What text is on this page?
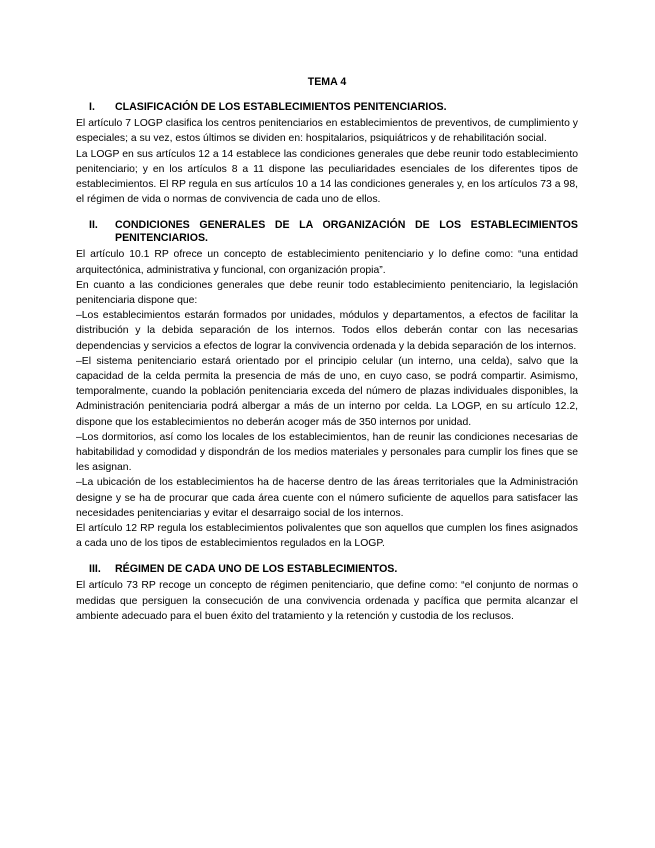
TEMA 4
I.	CLASIFICACIÓN DE LOS ESTABLECIMIENTOS PENITENCIARIOS.

El artículo 7 LOGP clasifica los centros penitenciarios en establecimientos de preventivos, de cumplimiento y especiales; a su vez, estos últimos se dividen en: hospitalarios, psiquiátricos y de rehabilitación social.

La LOGP en sus artículos 12 a 14 establece las condiciones generales que debe reunir todo establecimiento penitenciario; y en los artículos 8 a 11 dispone las peculiaridades esenciales de los diferentes tipos de establecimientos. El RP regula en sus artículos 10 a 14 las condiciones generales y, en los artículos 73 a 98, el régimen de vida o normas de convivencia de cada uno de ellos.

II.	CONDICIONES GENERALES DE LA ORGANIZACIÓN DE LOS ESTABLECIMIENTOS PENITENCIARIOS.

El artículo 10.1 RP ofrece un concepto de establecimiento penitenciario y lo define como: “una entidad arquitectónica, administrativa y funcional, con organización propia”.

En cuanto a las condiciones generales que debe reunir todo establecimiento penitenciario, la legislación penitenciaria dispone que:

–Los establecimientos estarán formados por unidades, módulos y departamentos, a efectos de facilitar la distribución y la debida separación de los internos. Todos ellos deberán contar con las necesarias dependencias y servicios a efectos de lograr la convivencia ordenada y la debida separación de los internos.

–El sistema penitenciario estará orientado por el principio celular (un interno, una celda), salvo que la capacidad de la celda permita la presencia de más de uno, en cuyo caso, se podrá compartir. Asimismo, temporalmente, cuando la población penitenciaria exceda del número de plazas individuales disponibles, la Administración penitenciaria podrá albergar a más de un interno por celda. La LOGP, en su artículo 12.2, dispone que los establecimientos no deberán acoger más de 350 internos por unidad.

–Los dormitorios, así como los locales de los establecimientos, han de reunir las condiciones necesarias de habitabilidad y comodidad y dispondrán de los medios materiales y personales para cumplir los fines que se les asignan.

–La ubicación de los establecimientos ha de hacerse dentro de las áreas territoriales que la Administración designe y se ha de procurar que cada área cuente con el número suficiente de aquellos para satisfacer las necesidades penitenciarias y evitar el desarraigo social de los internos.

El artículo 12 RP regula los establecimientos polivalentes que son aquellos que cumplen los fines asignados a cada uno de los tipos de establecimientos regulados en la LOGP.

III.	RÉGIMEN DE CADA UNO DE LOS ESTABLECIMIENTOS.

El artículo 73 RP recoge un concepto de régimen penitenciario, que define como: “el conjunto de normas o medidas que persiguen la consecución de una convivencia ordenada y pacífica que permita alcanzar el ambiente adecuado para el buen éxito del tratamiento y la retención y custodia de los reclusos.
